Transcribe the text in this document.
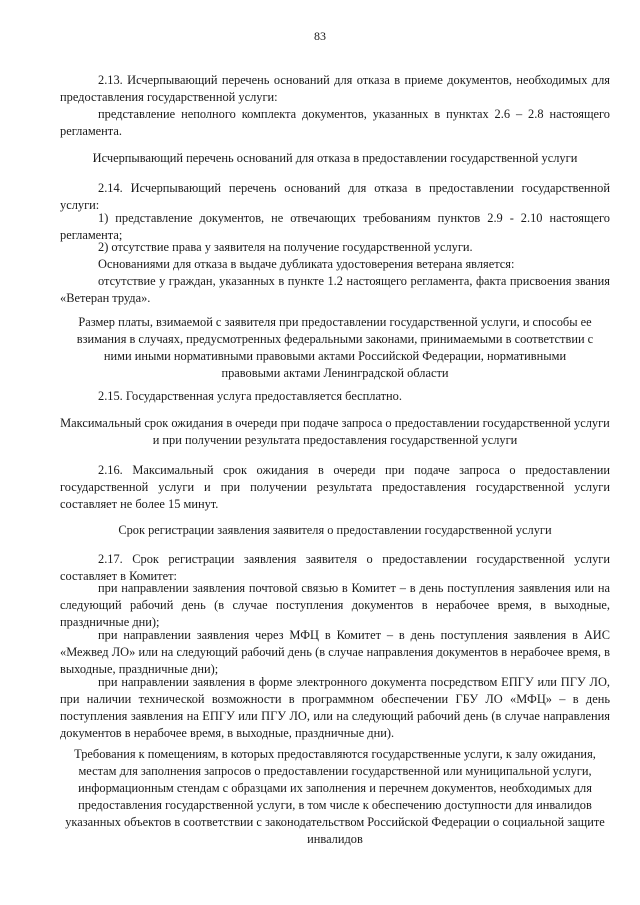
83

2.13. Исчерпывающий перечень оснований для отказа в приеме документов, необходимых для предоставления государственной услуги:

представление неполного комплекта документов, указанных в пунктах 2.6 – 2.8 настоящего регламента.

Исчерпывающий перечень оснований для отказа в предоставлении государственной услуги

2.14. Исчерпывающий перечень оснований для отказа в предоставлении государственной услуги:

1) представление документов, не отвечающих требованиям пунктов 2.9 - 2.10 настоящего регламента;

2) отсутствие права у заявителя на получение государственной услуги.

Основаниями для отказа в выдаче дубликата удостоверения ветерана является:

отсутствие у граждан, указанных в пункте 1.2 настоящего регламента, факта присвоения звания «Ветеран труда».

Размер платы, взимаемой с заявителя при предоставлении государственной услуги, и способы ее взимания в случаях, предусмотренных федеральными законами, принимаемыми в соответствии с ними иными нормативными правовыми актами Российской Федерации, нормативными правовыми актами Ленинградской области

2.15. Государственная услуга предоставляется бесплатно.

Максимальный срок ожидания в очереди при подаче запроса о предоставлении государственной услуги и при получении результата предоставления государственной услуги

2.16. Максимальный срок ожидания в очереди при подаче запроса о предоставлении государственной услуги и при получении результата предоставления государственной услуги составляет не более 15 минут.

Срок регистрации заявления заявителя о предоставлении государственной услуги

2.17. Срок регистрации заявления заявителя о предоставлении государственной услуги составляет в Комитет:

при направлении заявления почтовой связью в Комитет – в день поступления заявления или на следующий рабочий день (в случае поступления документов в нерабочее время, в выходные, праздничные дни);

при направлении заявления через МФЦ в Комитет – в день поступления заявления в АИС «Межвед ЛО» или на следующий рабочий день (в случае направления документов в нерабочее время, в выходные, праздничные дни);

при направлении заявления в форме электронного документа посредством ЕПГУ или ПГУ ЛО, при наличии технической возможности в программном обеспечении ГБУ ЛО «МФЦ» – в день поступления заявления на ЕПГУ или ПГУ ЛО, или на следующий рабочий день (в случае направления документов в нерабочее время, в выходные, праздничные дни).

Требования к помещениям, в которых предоставляются государственные услуги, к залу ожидания, местам для заполнения запросов о предоставлении государственной или муниципальной услуги, информационным стендам с образцами их заполнения и перечнем документов, необходимых для предоставления государственной услуги, в том числе к обеспечению доступности для инвалидов указанных объектов в соответствии с законодательством Российской Федерации о социальной защите инвалидов
